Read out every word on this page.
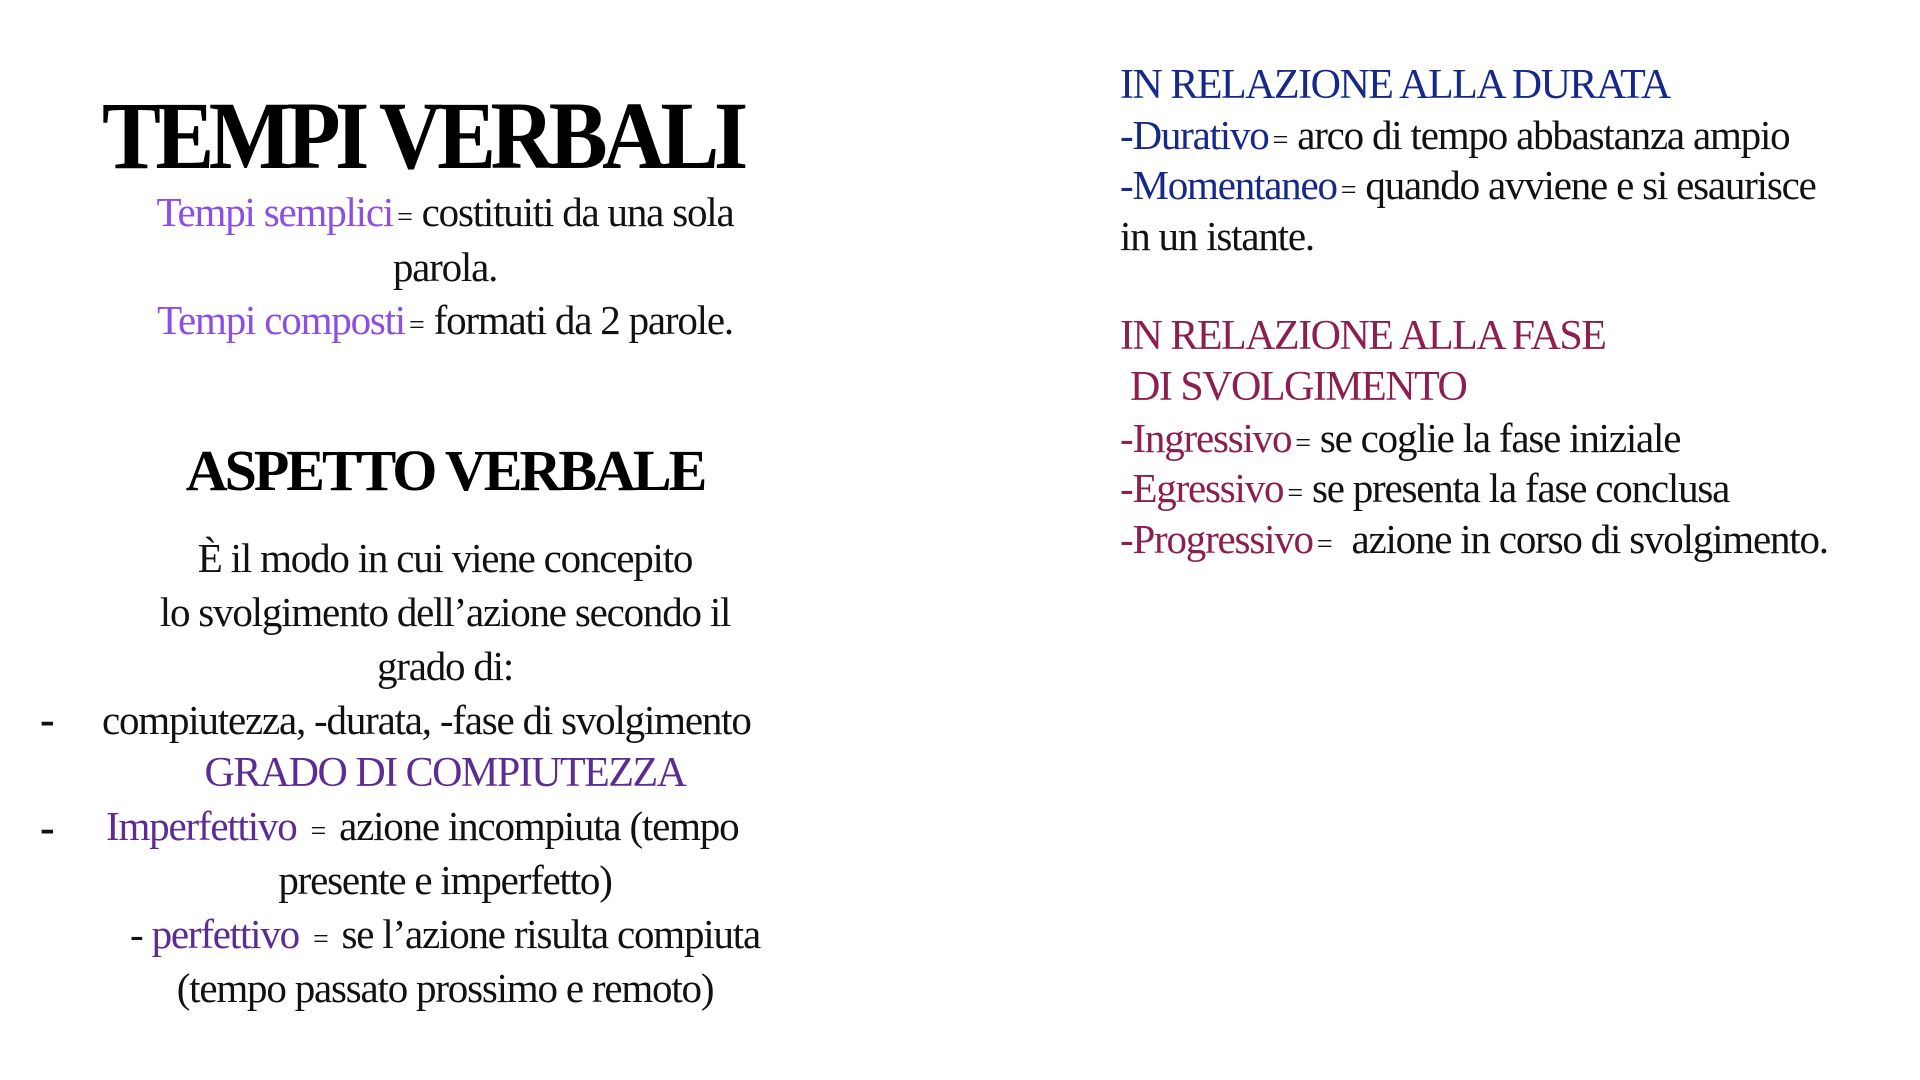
TEMPI VERBALI
Tempi semplici = costituiti da una sola
parola.
Tempi composti = formati da 2 parole.
ASPETTO VERBALE
È il modo in cui viene concepito
lo svolgimento dell’azione secondo il
grado di:
- compiutezza, -durata, -fase di svolgimento
GRADO DI COMPIUTEZZA
- Imperfettivo = azione incompiuta (tempo
presente e imperfetto)
- perfettivo = se l’azione risulta compiuta
(tempo passato prossimo e remoto)
IN RELAZIONE ALLA DURATA
-Durativo = arco di tempo abbastanza ampio
-Momentaneo = quando avviene e si esaurisce
in un istante.
IN RELAZIONE ALLA FASE
DI SVOLGIMENTO
-Ingressivo = se coglie la fase iniziale
-Egressivo = se presenta la fase conclusa
-Progressivo = azione in corso di svolgimento.
